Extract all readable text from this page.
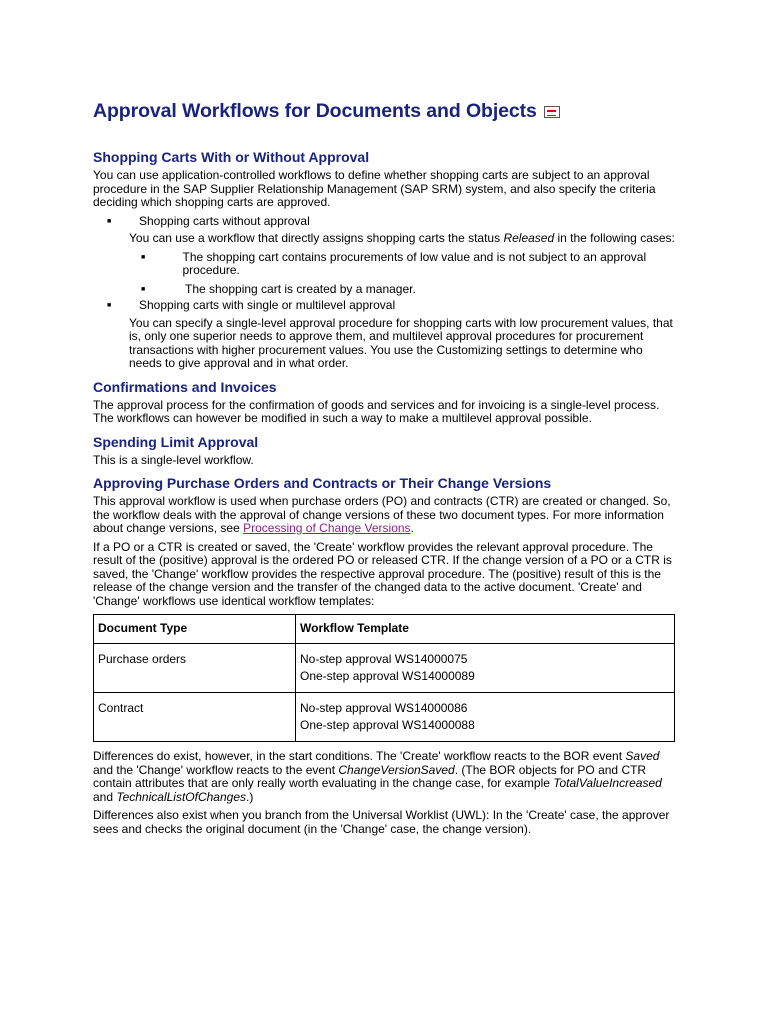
Approval Workflows for Documents and Objects
Shopping Carts With or Without Approval

You can use application-controlled workflows to define whether shopping carts are subject to an approval procedure in the SAP Supplier Relationship Management (SAP SRM) system, and also specify the criteria deciding which shopping carts are approved.

■	Shopping carts without approval

You can use a workflow that directly assigns shopping carts the status Released in the following cases:

■	The shopping cart contains procurements of low value and is not subject to an approval procedure.
■	The shopping cart is created by a manager.
■	Shopping carts with single or multilevel approval

You can specify a single-level approval procedure for shopping carts with low procurement values, that is, only one superior needs to approve them, and multilevel approval procedures for procurement transactions with higher procurement values. You use the Customizing settings to determine who needs to give approval and in what order.

Confirmations and Invoices

The approval process for the confirmation of goods and services and for invoicing is a single-level process. The workflows can however be modified in such a way to make a multilevel approval possible.

Spending Limit Approval

This is a single-level workflow.

Approving Purchase Orders and Contracts or Their Change Versions

This approval workflow is used when purchase orders (PO) and contracts (CTR) are created or changed. So, the workflow deals with the approval of change versions of these two document types. For more information about change versions, see Processing of Change Versions.

If a PO or a CTR is created or saved, the 'Create' workflow provides the relevant approval procedure. The result of the (positive) approval is the ordered PO or released CTR. If the change version of a PO or a CTR is saved, the 'Change' workflow provides the respective approval procedure. The (positive) result of this is the release of the change version and the transfer of the changed data to the active document. 'Create' and 'Change' workflows use identical workflow templates:

Document Type	Workflow Template
Purchase orders	No-step approval WS14000075
One-step approval WS14000089

Contract	No-step approval WS14000086
One-step approval WS14000088

Differences do exist, however, in the start conditions. The 'Create' workflow reacts to the BOR event Saved and the 'Change' workflow reacts to the event ChangeVersionSaved. (The BOR objects for PO and CTR contain attributes that are only really worth evaluating in the change case, for example TotalValueIncreased and TechnicalListOfChanges.)

Differences also exist when you branch from the Universal Worklist (UWL): In the 'Create' case, the approver sees and checks the original document (in the 'Change' case, the change version).
